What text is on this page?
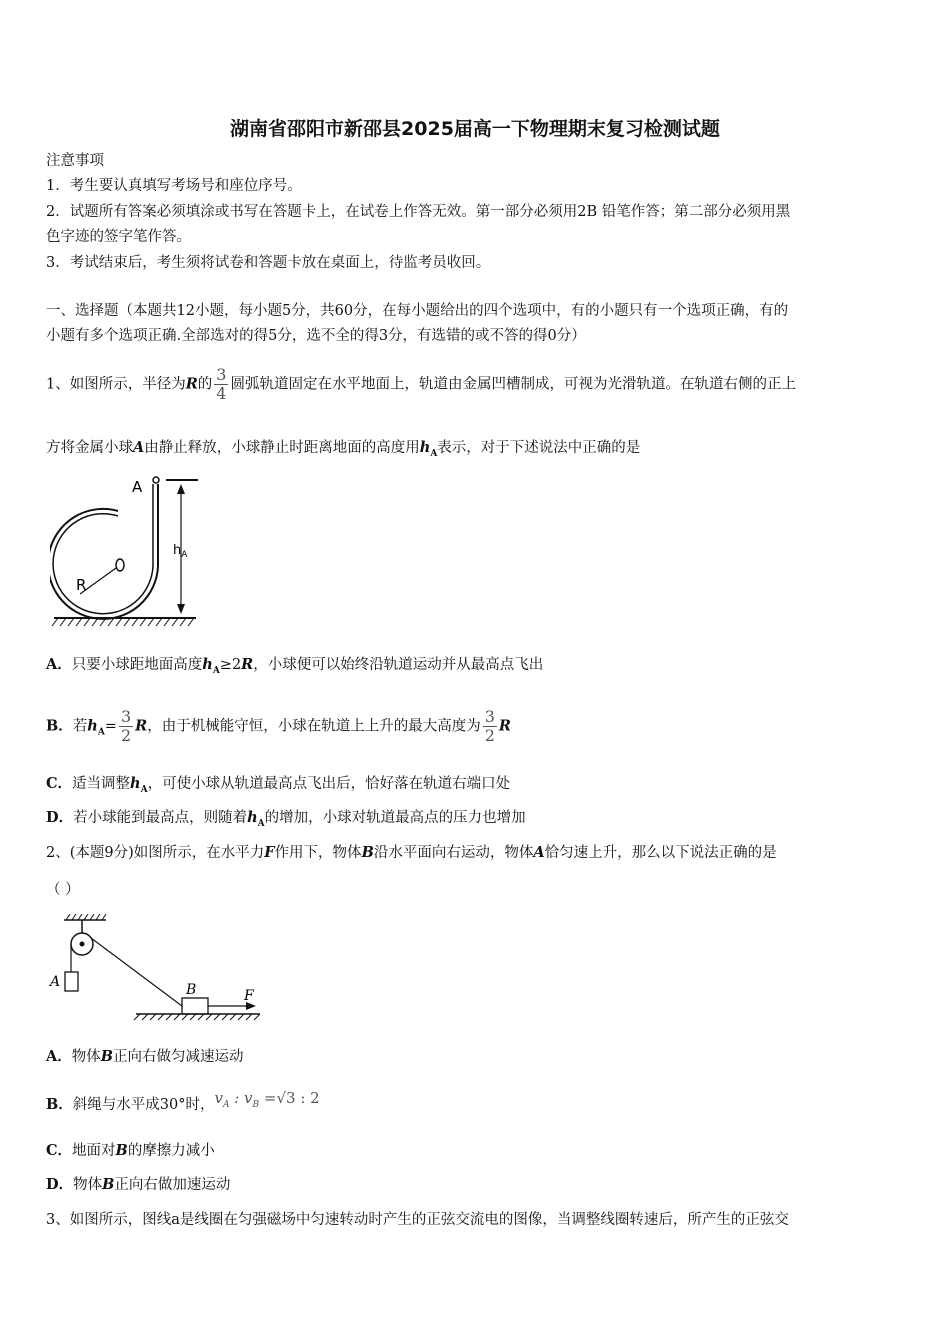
湖南省邵阳市新邵县2025届高一下物理期末复习检测试题
注意事项
1．考生要认真填写考场号和座位序号。
2．试题所有答案必须填涂或书写在答题卡上，在试卷上作答无效。第一部分必须用2B 铅笔作答；第二部分必须用黑
色字迹的签字笔作答。
3．考试结束后，考生须将试卷和答题卡放在桌面上，待监考员收回。
一、选择题（本题共12小题，每小题5分，共60分，在每小题给出的四个选项中，有的小题只有一个选项正确，有的
小题有多个选项正确.全部选对的得5分，选不全的得3分，有选错的或不答的得0分）
1、如图所示，半径为R的 $\frac{3}{4}$ 圆弧轨道固定在水平地面上，轨道由金属凹槽制成，可视为光滑轨道。在轨道右侧的正上
方将金属小球A由静止释放，小球静止时距离地面的高度用$h_A$表示，对于下述说法中正确的是
R
A
$h_A$
A．只要小球距地面高度$h_A\ge 2R$，小球便可以始终沿轨道运动并从最高点飞出
B．若$h_A= \frac{3}{2}$ R，由于机械能守恒，小球在轨道上上升的最大高度为 $\frac{3}{2}$ R
C．适当调整$h_A$，可使小球从轨道最高点飞出后，恰好落在轨道右端口处
D．若小球能到最高点，则随着$h_A$的增加，小球对轨道最高点的压力也增加
2、(本题9分)如图所示，在水平力F作用下，物体B沿水平面向右运动，物体A恰匀速上升，那么以下说法正确的是
（ ）
A	B	F
A．物体B正向右做匀减速运动
B．斜绳与水平成30°时，$v_A$ : $v_B =√3$ : 2
C．地面对B的摩擦力减小
D．物体B正向右做加速运动
3、如图所示，图线a是线圈在匀强磁场中匀速转动时产生的正弦交流电的图像，当调整线圈转速后，所产生的正弦交
